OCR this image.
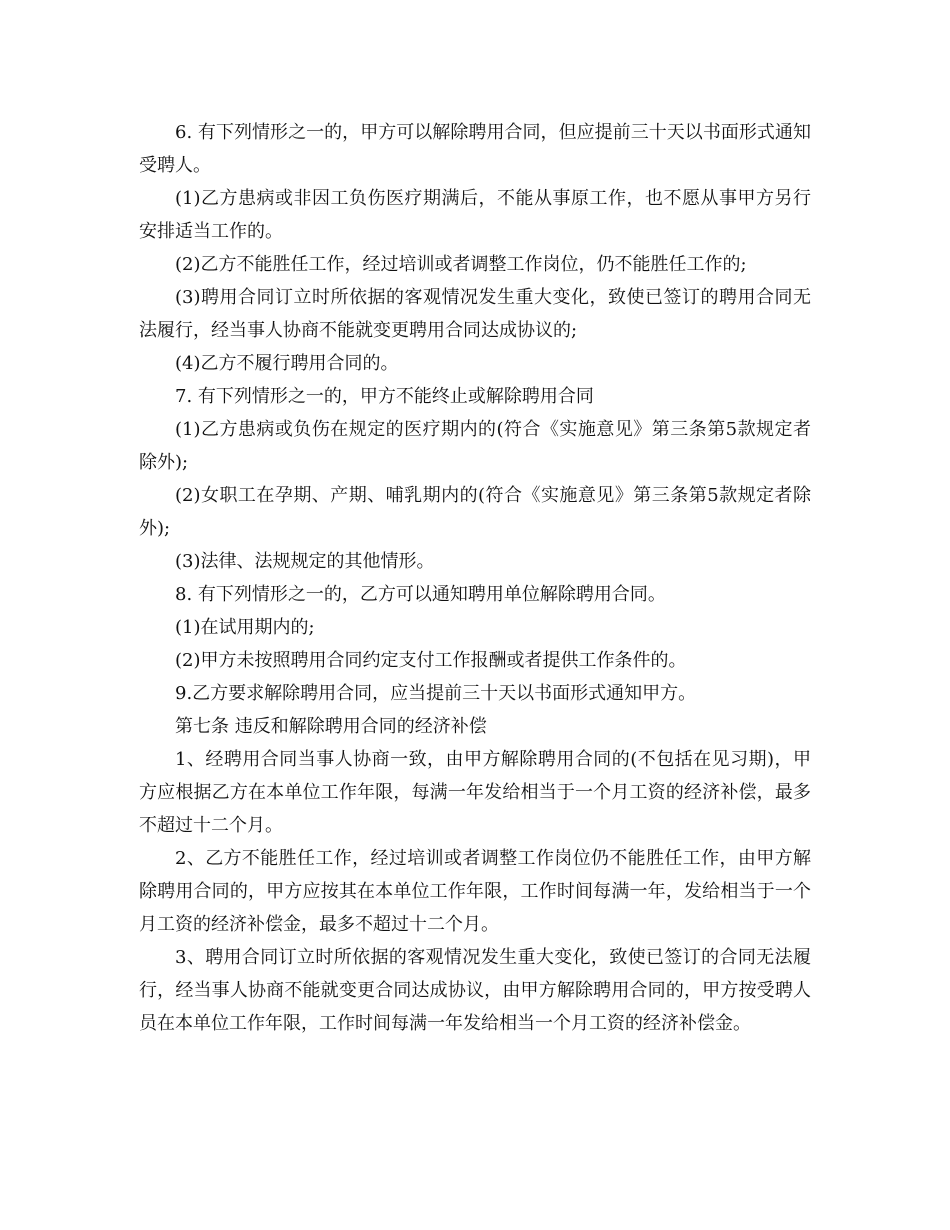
6. 有下列情形之一的，甲方可以解除聘用合同，但应提前三十天以书面形式通知受聘人。

(1)乙方患病或非因工负伤医疗期满后，不能从事原工作，也不愿从事甲方另行安排适当工作的。

(2)乙方不能胜任工作，经过培训或者调整工作岗位，仍不能胜任工作的;

(3)聘用合同订立时所依据的客观情况发生重大变化，致使已签订的聘用合同无法履行，经当事人协商不能就变更聘用合同达成协议的;

(4)乙方不履行聘用合同的。

7. 有下列情形之一的，甲方不能终止或解除聘用合同

(1)乙方患病或负伤在规定的医疗期内的(符合《实施意见》第三条第5款规定者除外);

(2)女职工在孕期、产期、哺乳期内的(符合《实施意见》第三条第5款规定者除外);

(3)法律、法规规定的其他情形。

8. 有下列情形之一的，乙方可以通知聘用单位解除聘用合同。

(1)在试用期内的;

(2)甲方未按照聘用合同约定支付工作报酬或者提供工作条件的。

9.乙方要求解除聘用合同，应当提前三十天以书面形式通知甲方。

第七条 违反和解除聘用合同的经济补偿

1、经聘用合同当事人协商一致，由甲方解除聘用合同的(不包括在见习期)，甲方应根据乙方在本单位工作年限，每满一年发给相当于一个月工资的经济补偿，最多不超过十二个月。

2、乙方不能胜任工作，经过培训或者调整工作岗位仍不能胜任工作，由甲方解除聘用合同的，甲方应按其在本单位工作年限，工作时间每满一年，发给相当于一个月工资的经济补偿金，最多不超过十二个月。

3、聘用合同订立时所依据的客观情况发生重大变化，致使已签订的合同无法履行，经当事人协商不能就变更合同达成协议，由甲方解除聘用合同的，甲方按受聘人员在本单位工作年限，工作时间每满一年发给相当一个月工资的经济补偿金。
